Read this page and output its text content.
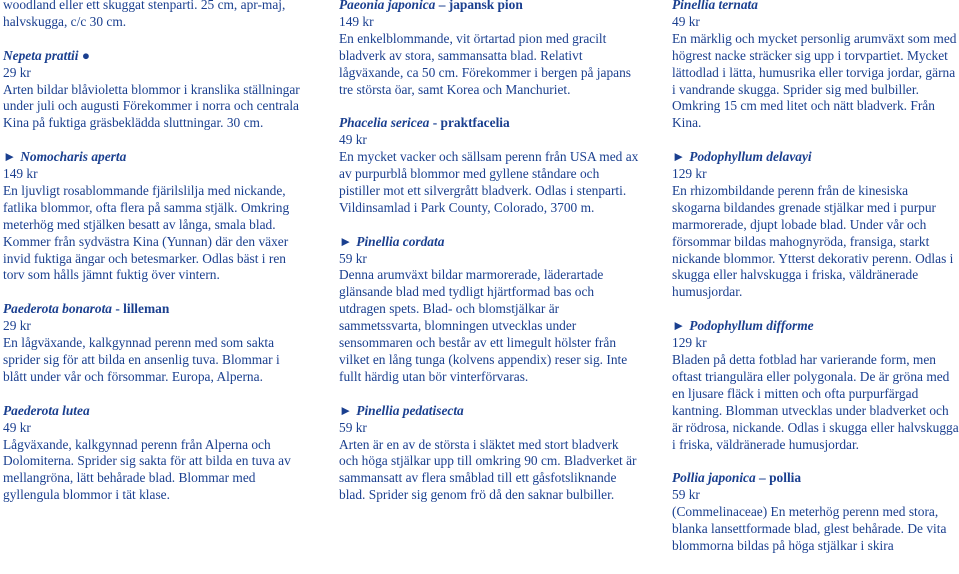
woodland eller ett skuggat stenparti. 25 cm, apr-maj, halvskugga, c/c 30 cm.

Nepeta prattii ●

29 kr

Arten bildar blåvioletta blommor i kranslika ställningar under juli och augusti Förekommer i norra och centrala Kina på fuktiga gräsbeklädda sluttningar. 30 cm.

► Nomocharis aperta

149 kr

En ljuvligt rosablommande fjärilslilja med nickande, fatlika blommor, ofta flera på samma stjälk. Omkring meterhög med stjälken besatt av långa, smala blad. Kommer från sydvästra Kina (Yunnan) där den växer invid fuktiga ängar och betesmarker. Odlas bäst i ren torv som hålls jämnt fuktig över vintern.

Paederota bonarota - lilleman

29 kr

En lågväxande, kalkgynnad perenn med som sakta sprider sig för att bilda en ansenlig tuva. Blommar i blått under vår och försommar. Europa, Alperna.

Paederota lutea

49 kr

Lågväxande, kalkgynnad perenn från Alperna och Dolomiterna. Sprider sig sakta för att bilda en tuva av mellangröna, lätt behårade blad. Blommar med gyllengula blommor i tät klase.

Paeonia japonica – japansk pion

149 kr

En enkelblommande, vit örtartad pion med gracilt bladverk av stora, sammansatta blad. Relativt lågväxande, ca 50 cm. Förekommer i bergen på japans tre största öar, samt Korea och Manchuriet.

Phacelia sericea - praktfacelia

49 kr

En mycket vacker och sällsam perenn från USA med ax av purpurblå blommor med gyllene ståndare och pistiller mot ett silvergrått bladverk. Odlas i stenparti. Vildinsamlad i Park County, Colorado, 3700 m.

► Pinellia cordata

59 kr

Denna arumväxt bildar marmorerade, läderartade glänsande blad med tydligt hjärtformad bas och utdragen spets. Blad- och blomstjälkar är sammetssvarta, blomningen utvecklas under sensommaren och består av ett limegult hölster från vilket en lång tunga (kolvens appendix) reser sig. Inte fullt härdig utan bör vinterförvaras.

► Pinellia pedatisecta

59 kr

Arten är en av de största i släktet med stort bladverk och höga stjälkar upp till omkring 90 cm. Bladverket är sammansatt av flera småblad till ett gåsfotsliknande blad. Sprider sig genom frö då den saknar bulbiller.

Pinellia ternata

49 kr

En märklig och mycket personlig arumväxt som med högrest nacke sträcker sig upp i torvpartiet. Mycket lättodlad i lätta, humusrika eller torviga jordar, gärna i vandrande skugga. Sprider sig med bulbiller. Omkring 15 cm med litet och nätt bladverk. Från Kina.

► Podophyllum delavayi

129 kr

En rhizombildande perenn från de kinesiska skogarna bildandes grenade stjälkar med i purpur marmorerade, djupt lobade blad. Under vår och försommar bildas mahognyröda, fransiga, starkt nickande blommor. Ytterst dekorativ perenn. Odlas i skugga eller halvskugga i friska, väldränerade humusjordar.

► Podophyllum difforme

129 kr

Bladen på detta fotblad har varierande form, men oftast triangulära eller polygonala. De är gröna med en ljusare fläck i mitten och ofta purpurfärgad kantning. Blomman utvecklas under bladverket och är rödrosa, nickande. Odlas i skugga eller halvskugga i friska, väldränerade humusjordar.

Pollia japonica – pollia

59 kr

(Commelinaceae) En meterhög perenn med stora, blanka lansettformade blad, glest behårade. De vita blommorna bildas på höga stjälkar i skira
